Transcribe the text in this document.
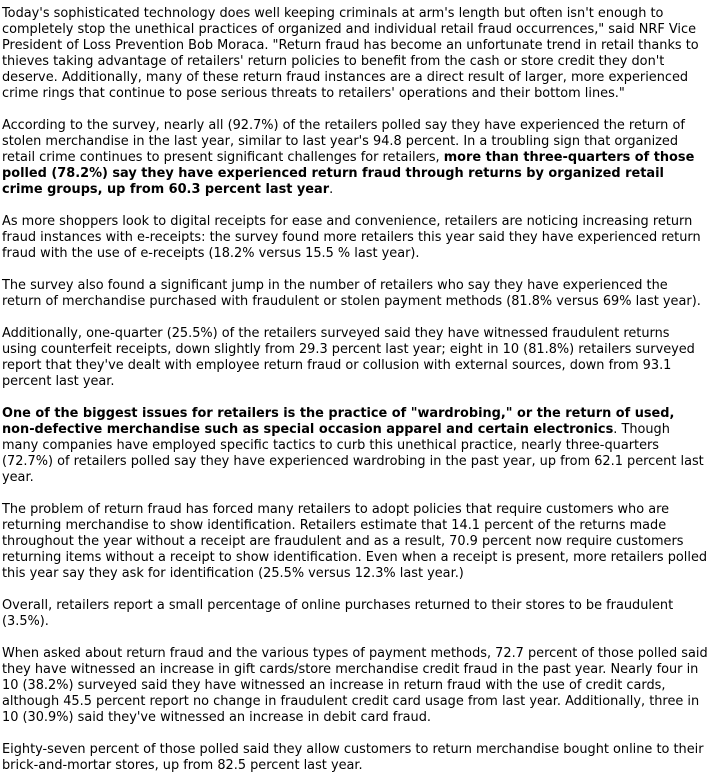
Today's sophisticated technology does well keeping criminals at arm's length but often isn't enough to completely stop the unethical practices of organized and individual retail fraud occurrences," said NRF Vice President of Loss Prevention Bob Moraca. "Return fraud has become an unfortunate trend in retail thanks to thieves taking advantage of retailers' return policies to benefit from the cash or store credit they don't deserve. Additionally, many of these return fraud instances are a direct result of larger, more experienced crime rings that continue to pose serious threats to retailers' operations and their bottom lines."

According to the survey, nearly all (92.7%) of the retailers polled say they have experienced the return of stolen merchandise in the last year, similar to last year's 94.8 percent. In a troubling sign that organized retail crime continues to present significant challenges for retailers, more than three-quarters of those polled (78.2%) say they have experienced return fraud through returns by organized retail crime groups, up from 60.3 percent last year.

As more shoppers look to digital receipts for ease and convenience, retailers are noticing increasing return fraud instances with e-receipts: the survey found more retailers this year said they have experienced return fraud with the use of e-receipts (18.2% versus 15.5 % last year).

The survey also found a significant jump in the number of retailers who say they have experienced the return of merchandise purchased with fraudulent or stolen payment methods (81.8% versus 69% last year).

Additionally, one-quarter (25.5%) of the retailers surveyed said they have witnessed fraudulent returns using counterfeit receipts, down slightly from 29.3 percent last year; eight in 10 (81.8%) retailers surveyed report that they've dealt with employee return fraud or collusion with external sources, down from 93.1 percent last year.

One of the biggest issues for retailers is the practice of "wardrobing," or the return of used, non-defective merchandise such as special occasion apparel and certain electronics. Though many companies have employed specific tactics to curb this unethical practice, nearly three-quarters (72.7%) of retailers polled say they have experienced wardrobing in the past year, up from 62.1 percent last year.

The problem of return fraud has forced many retailers to adopt policies that require customers who are returning merchandise to show identification. Retailers estimate that 14.1 percent of the returns made throughout the year without a receipt are fraudulent and as a result, 70.9 percent now require customers returning items without a receipt to show identification. Even when a receipt is present, more retailers polled this year say they ask for identification (25.5% versus 12.3% last year.)

Overall, retailers report a small percentage of online purchases returned to their stores to be fraudulent (3.5%).

When asked about return fraud and the various types of payment methods, 72.7 percent of those polled said they have witnessed an increase in gift cards/store merchandise credit fraud in the past year. Nearly four in 10 (38.2%) surveyed said they have witnessed an increase in return fraud with the use of credit cards, although 45.5 percent report no change in fraudulent credit card usage from last year. Additionally, three in 10 (30.9%) said they've witnessed an increase in debit card fraud.

Eighty-seven percent of those polled said they allow customers to return merchandise bought online to their brick-and-mortar stores, up from 82.5 percent last year.
